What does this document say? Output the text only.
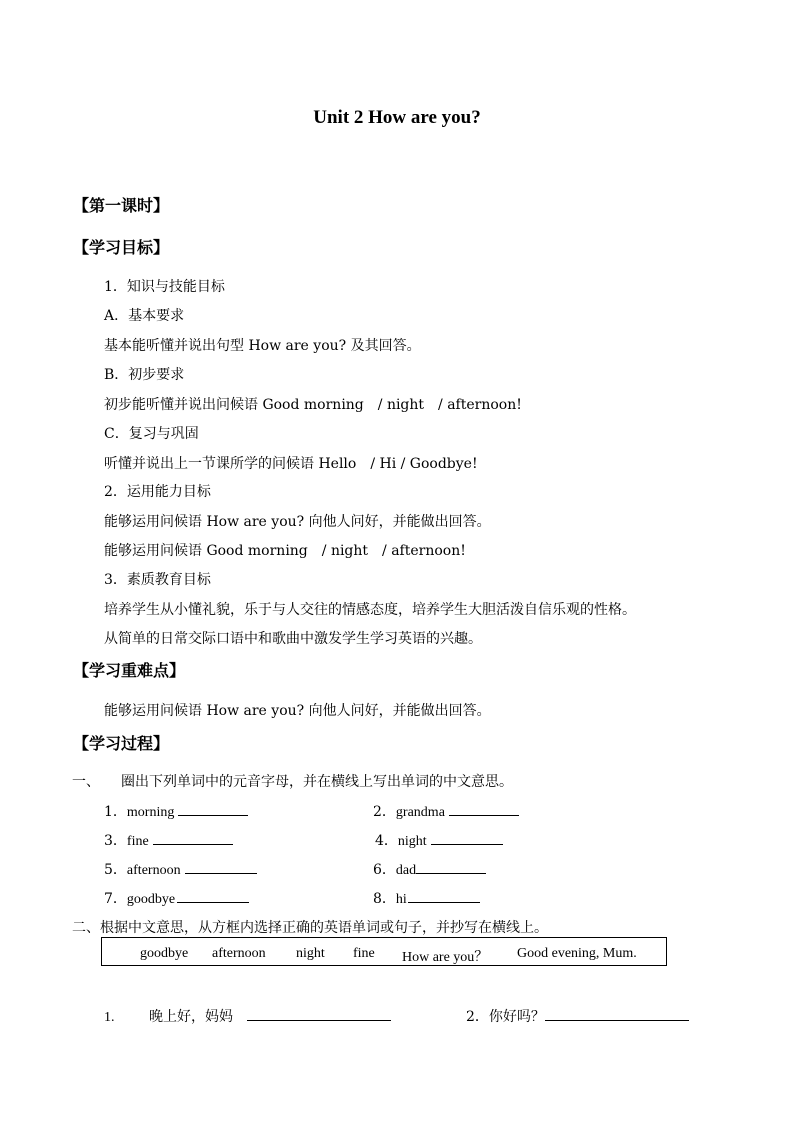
Unit 2 How are you?
【第一课时】
【学习目标】
1．知识与技能目标
A．基本要求
基本能听懂并说出句型 How are you? 及其回答。
B．初步要求
初步能听懂并说出问候语 Good morning　/ night　/ afternoon!
C．复习与巩固
听懂并说出上一节课所学的问候语 Hello　/ Hi / Goodbye!
2．运用能力目标
能够运用问候语 How are you? 向他人问好，并能做出回答。
能够运用问候语 Good morning　/ night　/ afternoon!
3．素质教育目标
培养学生从小懂礼貌，乐于与人交往的情感态度，培养学生大胆活泼自信乐观的性格。
从简单的日常交际口语中和歌曲中激发学生学习英语的兴趣。
【学习重难点】
能够运用问候语 How are you? 向他人问好，并能做出回答。
【学习过程】
一、　　圈出下列单词中的元音字母，并在横线上写出单词的中文意思。
1．morning	2．grandma
3．fine	4．night
5．afternoon	6．dad
7．goodbye	8．hi
二、根据中文意思，从方框内选择正确的英语单词或句子，并抄写在横线上。
goodbye afternoon night fine How are you？ Good evening, Mum.
1. 晚上好，妈妈	2．你好吗？
